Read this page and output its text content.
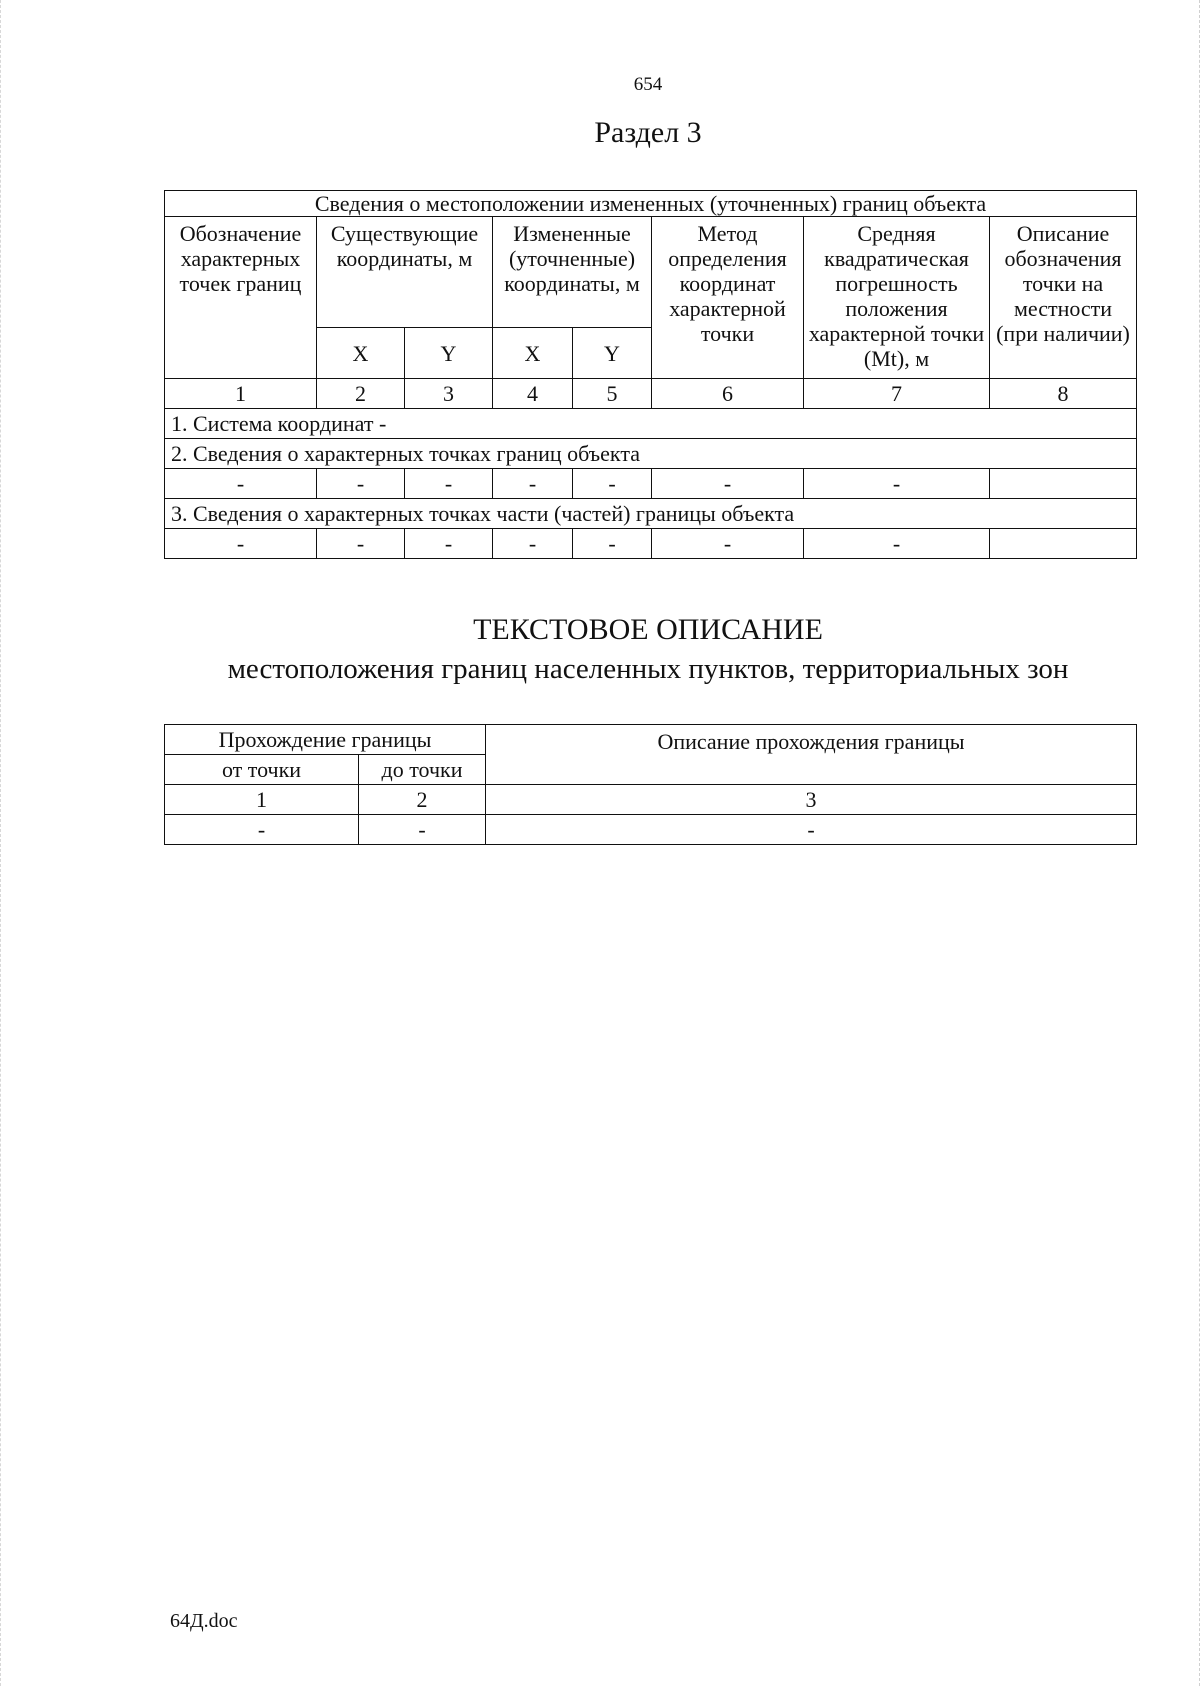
654
Раздел 3
Сведения о местоположении измененных (уточненных) границ объекта							
Обозначение характерных точек границ	Существующие координаты, м		Измененные (уточненные) координаты, м		Метод определения координат характерной точки	Средняя квадратическая погрешность положения характерной точки (Mt), м	Описание обозначения точки на местности (при наличии)
	X	Y	X	Y			
1	2	3	4	5	6	7	8
1. Система координат -							
2. Сведения о характерных точках границ объекта							
-	-	-	-	-	-	-	
3. Сведения о характерных точках части (частей) границы объекта							
-	-	-	-	-	-	-	
ТЕКСТОВОЕ ОПИСАНИЕ
местоположения границ населенных пунктов, территориальных зон
Прохождение границы		Описание прохождения границы
от точки	до точки	
1	2	3
-	-	-
64Д.doc
